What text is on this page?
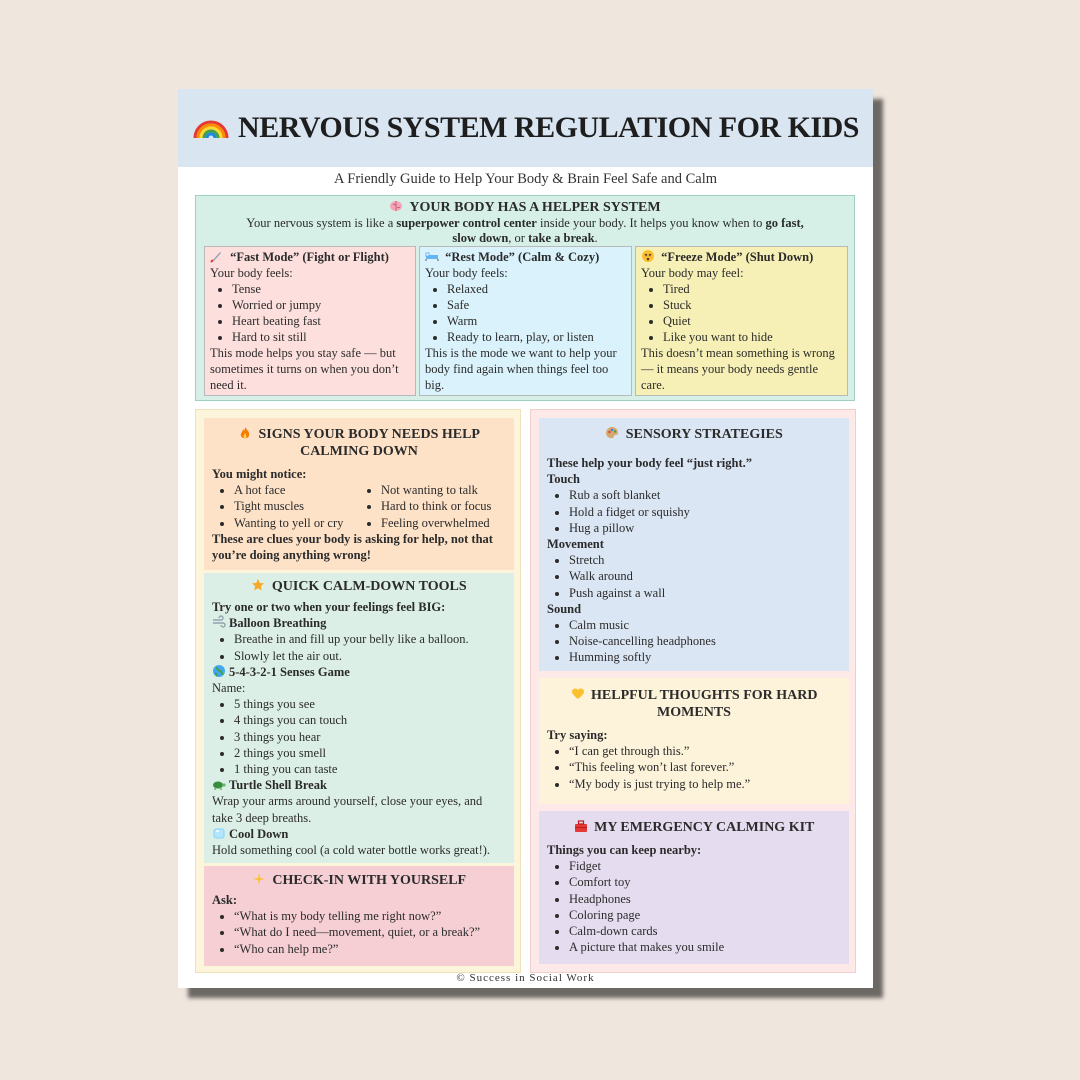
NERVOUS SYSTEM REGULATION FOR KIDS
A Friendly Guide to Help Your Body & Brain Feel Safe and Calm
YOUR BODY HAS A HELPER SYSTEM
Your nervous system is like a superpower control center inside your body. It helps you know when to go fast, slow down, or take a break.
“Fast Mode” (Fight or Flight)
Your body feels:
• Tense
• Worried or jumpy
• Heart beating fast
• Hard to sit still
This mode helps you stay safe — but sometimes it turns on when you don’t need it.
“Rest Mode” (Calm & Cozy)
Your body feels:
• Relaxed
• Safe
• Warm
• Ready to learn, play, or listen
This is the mode we want to help your body find again when things feel too big.
“Freeze Mode” (Shut Down)
Your body may feel:
• Tired
• Stuck
• Quiet
• Like you want to hide
This doesn’t mean something is wrong — it means your body needs gentle care.
SIGNS YOUR BODY NEEDS HELP CALMING DOWN
You might notice:
• A hot face
• Tight muscles
• Wanting to yell or cry
• Not wanting to talk
• Hard to think or focus
• Feeling overwhelmed
These are clues your body is asking for help, not that you’re doing anything wrong!
QUICK CALM-DOWN TOOLS
Try one or two when your feelings feel BIG:
Balloon Breathing
• Breathe in and fill up your belly like a balloon.
• Slowly let the air out.
5-4-3-2-1 Senses Game
Name:
• 5 things you see
• 4 things you can touch
• 3 things you hear
• 2 things you smell
• 1 thing you can taste
Turtle Shell Break
Wrap your arms around yourself, close your eyes, and take 3 deep breaths.
Cool Down
Hold something cool (a cold water bottle works great!).
CHECK-IN WITH YOURSELF
Ask:
• “What is my body telling me right now?”
• “What do I need—movement, quiet, or a break?”
• “Who can help me?”
SENSORY STRATEGIES
These help your body feel “just right.”
Touch
• Rub a soft blanket
• Hold a fidget or squishy
• Hug a pillow
Movement
• Stretch
• Walk around
• Push against a wall
Sound
• Calm music
• Noise-cancelling headphones
• Humming softly
HELPFUL THOUGHTS FOR HARD MOMENTS
Try saying:
• “I can get through this.”
• “This feeling won’t last forever.”
• “My body is just trying to help me.”
MY EMERGENCY CALMING KIT
Things you can keep nearby:
• Fidget
• Comfort toy
• Headphones
• Coloring page
• Calm-down cards
• A picture that makes you smile
© Success in Social Work
